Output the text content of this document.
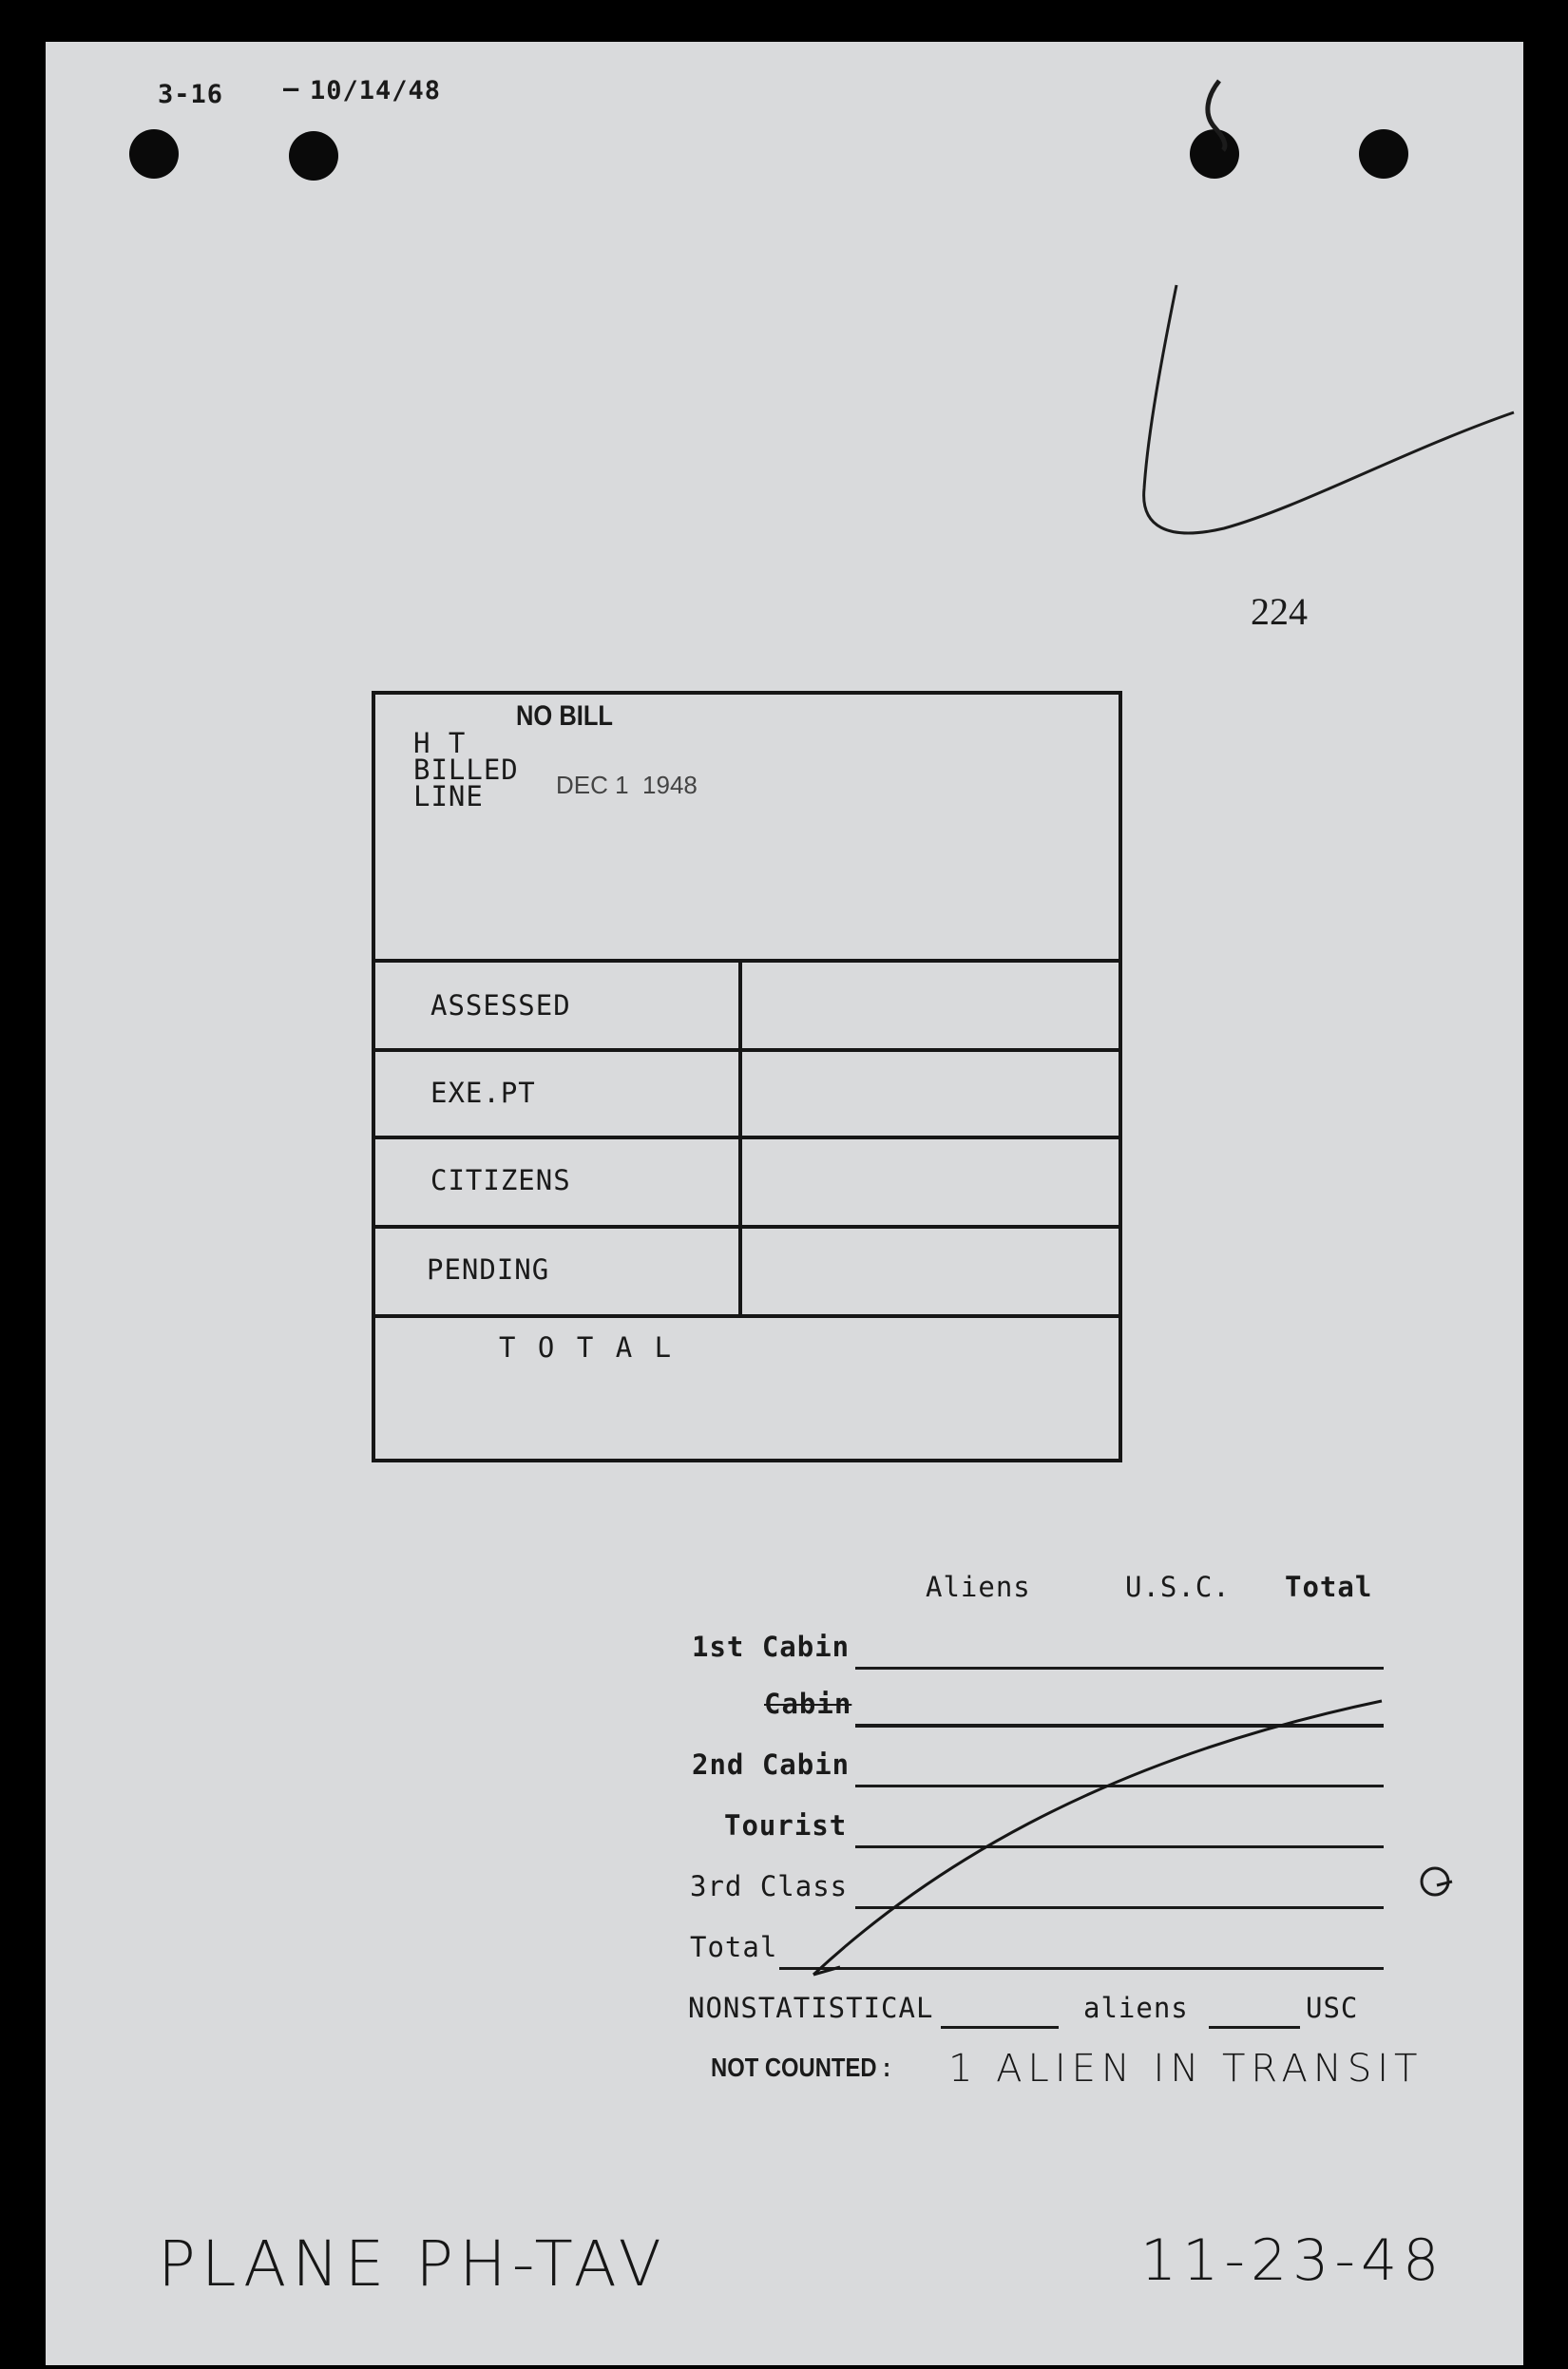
3-16	10/14/48
–
224
NO BILL
H T
BILLED
LINE	DEC 1  1948
ASSESSED
EXE.PT
CITIZENS
PENDING
T O T A L
Aliens	U.S.C. Total
1st Cabin
Cabin
2nd Cabin
Tourist
3rd Class
Total
NONSTATISTICAL	aliens	USC
NOT COUNTED : 1 ALIEN IN TRANSIT
PLANE PH-TAV	11-23-48
